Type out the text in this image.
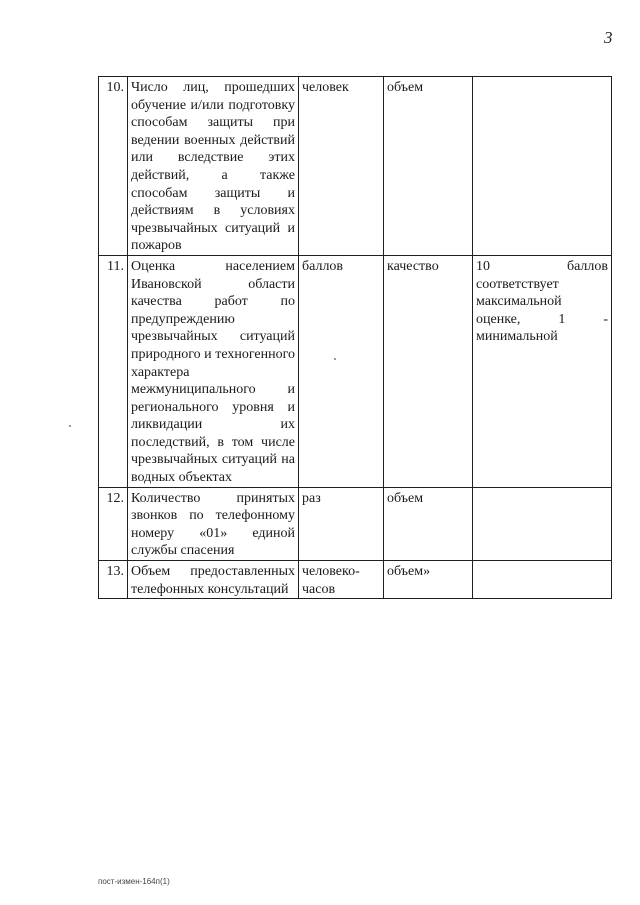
3
10.	Число лиц, прошедших обучение и/или подготовку способам защиты при ведении военных действий или вследствие этих действий, а также способам защиты и действиям в условиях чрезвычайных ситуаций и пожаров	человек	объем	
11.	Оценка населением Ивановской области качества работ по предупреждению чрезвычайных ситуаций природного и техногенного характера межмуниципального и регионального уровня и ликвидации их последствий, в том числе чрезвычайных ситуаций на водных объектах	баллов	качество	10 баллов соответствует максимальной оценке, 1 - минимальной
12.	Количество принятых звонков по телефонному номеру «01» единой службы спасения	раз	объем	
13.	Объем предоставленных телефонных консультаций	человеко-часов	объем»	
пост-измен-164п(1)
